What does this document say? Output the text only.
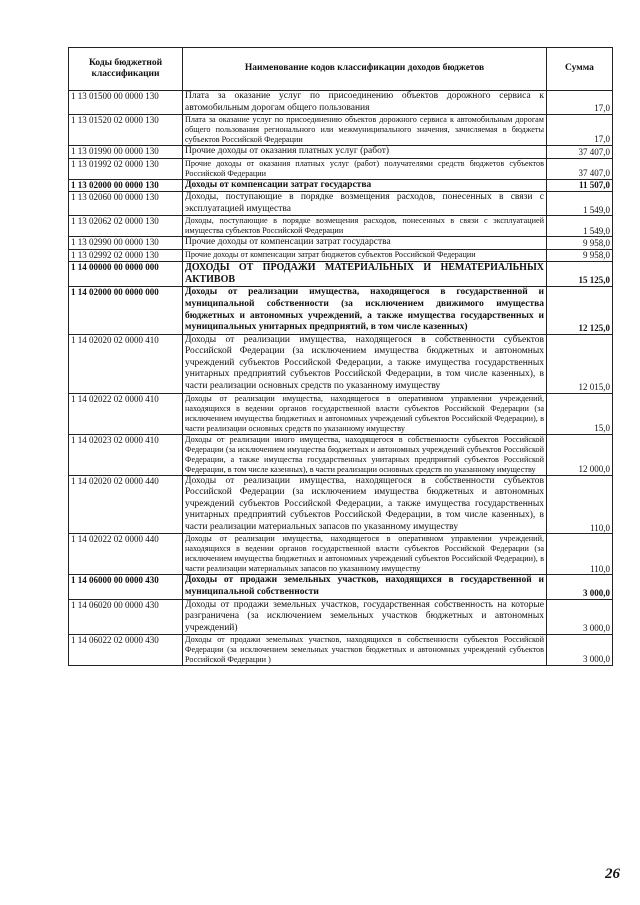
Коды бюджетной классификации	Наименование кодов классификации доходов бюджетов	Сумма
1 13 01500 00 0000 130	Плата за оказание услуг по присоединению объектов дорожного сервиса к автомобильным дорогам общего пользования	17,0
1 13 01520 02 0000 130	Плата за оказание услуг по присоединению объектов дорожного сервиса к автомобильным дорогам общего пользования регионального или межмуниципального значения, зачисляемая в бюджеты субъектов Российской Федерации	17,0
1 13 01990 00 0000 130	Прочие доходы от оказания платных услуг (работ)	37 407,0
1 13 01992 02 0000 130	Прочие доходы от оказания платных услуг (работ) получателями средств бюджетов субъектов Российской Федерации	37 407,0
1 13 02000 00 0000 130	Доходы от компенсации затрат государства	11 507,0
1 13 02060 00 0000 130	Доходы, поступающие в порядке возмещения расходов, понесенных в связи с эксплуатацией имущества	1 549,0
1 13 02062 02 0000 130	Доходы, поступающие в порядке возмещения расходов, понесенных в связи с эксплуатацией имущества субъектов Российской Федерации	1 549,0
1 13 02990 00 0000 130	Прочие доходы от компенсации затрат государства	9 958,0
1 13 02992 02 0000 130	Прочие доходы от компенсации затрат бюджетов субъектов Российской Федерации	9 958,0
1 14 00000 00 0000 000	ДОХОДЫ ОТ ПРОДАЖИ МАТЕРИАЛЬНЫХ И НЕМАТЕРИАЛЬНЫХ АКТИВОВ	15 125,0
1 14 02000 00 0000 000	Доходы от реализации имущества, находящегося в государственной и муниципальной собственности (за исключением движимого имущества бюджетных и автономных учреждений, а также имущества государственных и муниципальных унитарных предприятий, в том числе казенных)	12 125,0
1 14 02020 02 0000 410	Доходы от реализации имущества, находящегося в собственности субъектов Российской Федерации (за исключением имущества бюджетных и автономных учреждений субъектов Российской Федерации, а также имущества государственных унитарных предприятий субъектов Российской Федерации, в том числе казенных), в части реализации основных средств по указанному имуществу	12 015,0
1 14 02022 02 0000 410	Доходы от реализации имущества, находящегося в оперативном управлении учреждений, находящихся в ведении органов государственной власти субъектов Российской Федерации (за исключением имущества бюджетных и автономных учреждений субъектов Российской Федерации), в части реализации основных средств по указанному имуществу	15,0
1 14 02023 02 0000 410	Доходы от реализации иного имущества, находящегося в собственности субъектов Российской Федерации (за исключением имущества бюджетных и автономных учреждений субъектов Российской Федерации, а также имущества государственных унитарных предприятий субъектов Российской Федерации, в том числе казенных), в части реализации основных средств по указанному имуществу	12 000,0
1 14 02020 02 0000 440	Доходы от реализации имущества, находящегося в собственности субъектов Российской Федерации (за исключением имущества бюджетных и автономных учреждений субъектов Российской Федерации, а также имущества государственных унитарных предприятий субъектов Российской Федерации, в том числе казенных), в части реализации материальных запасов по указанному имуществу	110,0
1 14 02022 02 0000 440	Доходы от реализации имущества, находящегося в оперативном управлении учреждений, находящихся в ведении органов государственной власти субъектов Российской Федерации (за исключением имущества бюджетных и автономных учреждений субъектов Российской Федерации), в части реализации материальных запасов по указанному имуществу	110,0
1 14 06000 00 0000 430	Доходы от продажи земельных участков, находящихся в государственной и муниципальной собственности	3 000,0
1 14 06020 00 0000 430	Доходы от продажи земельных участков, государственная собственность на которые разграничена (за исключением земельных участков бюджетных и автономных учреждений)	3 000,0
1 14 06022 02 0000 430	Доходы от продажи земельных участков, находящихся в собственности субъектов Российской Федерации (за исключением земельных участков бюджетных и автономных учреждений субъектов Российской Федерации )	3 000,0
26
